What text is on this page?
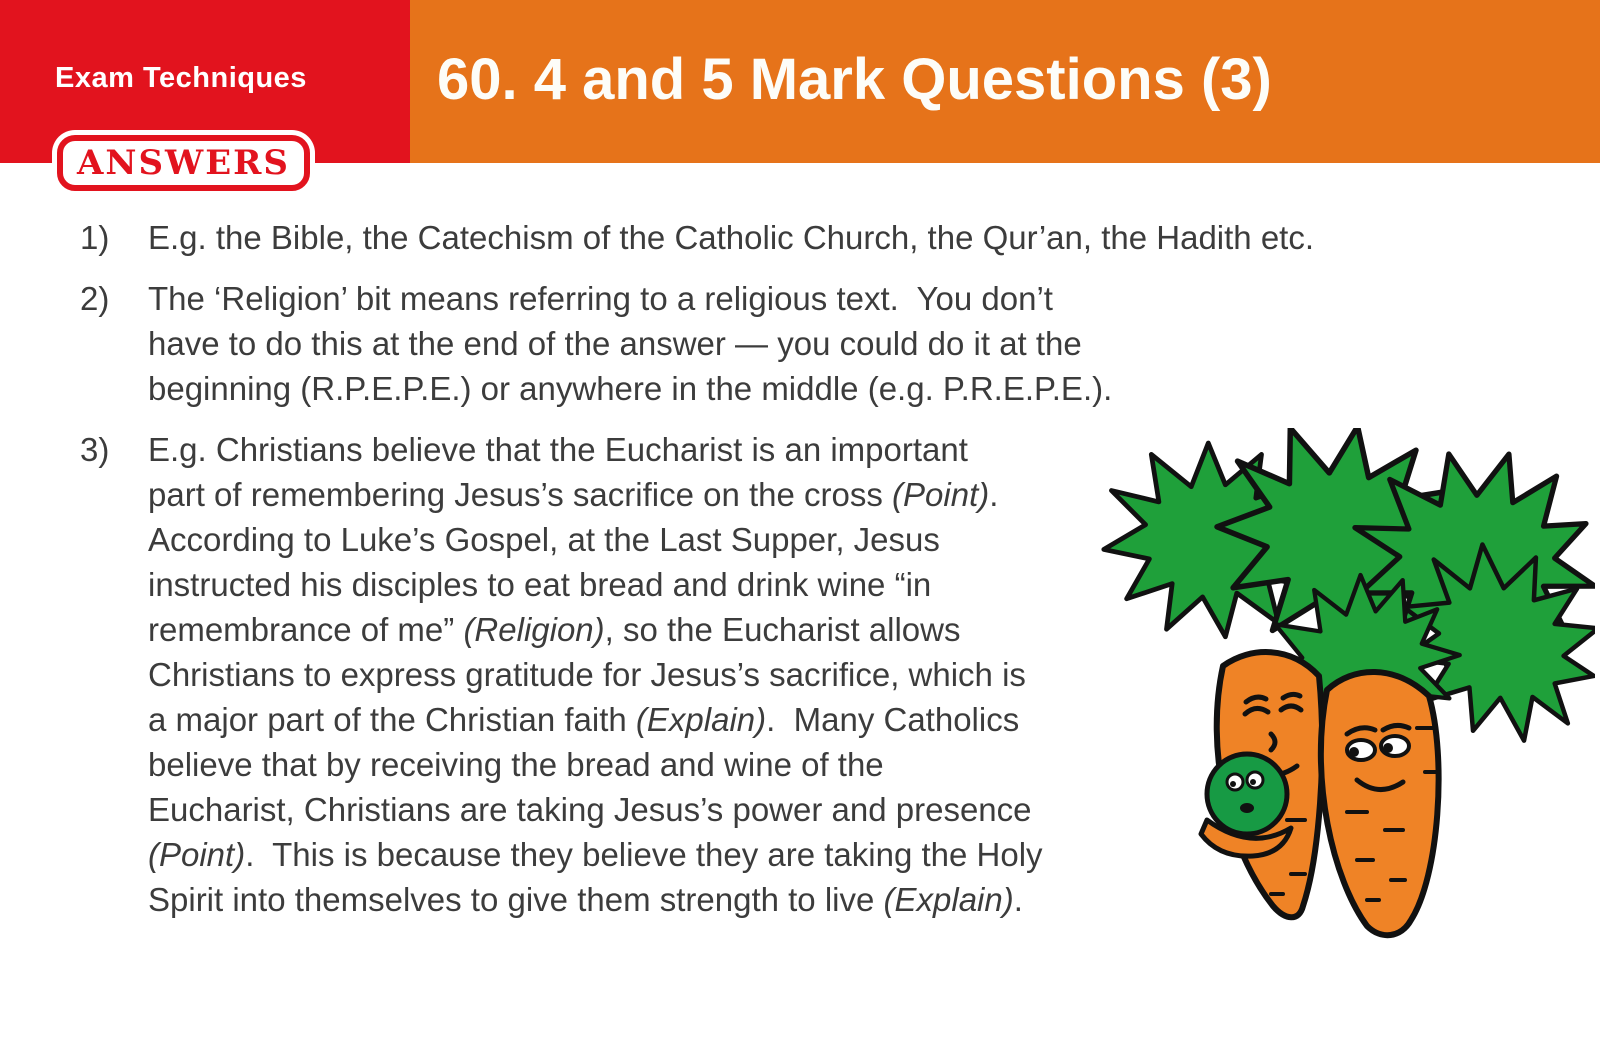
Exam Techniques 60. 4 and 5 Mark Questions (3)
ANSWERS
1)	E.g. the Bible, the Catechism of the Catholic Church, the Qur’an, the Hadith etc.
2)	The ‘Religion’ bit means referring to a religious text.  You don’t
have to do this at the end of the answer — you could do it at the
beginning (R.P.E.P.E.) or anywhere in the middle (e.g. P.R.E.P.E.).
3)	E.g. Christians believe that the Eucharist is an important
part of remembering Jesus’s sacrifice on the cross (Point).
According to Luke’s Gospel, at the Last Supper, Jesus
instructed his disciples to eat bread and drink wine “in
remembrance of me” (Religion), so the Eucharist allows
Christians to express gratitude for Jesus’s sacrifice, which is
a major part of the Christian faith (Explain).  Many Catholics
believe that by receiving the bread and wine of the
Eucharist, Christians are taking Jesus’s power and presence
(Point).  This is because they believe they are taking the Holy
Spirit into themselves to give them strength to live (Explain).
